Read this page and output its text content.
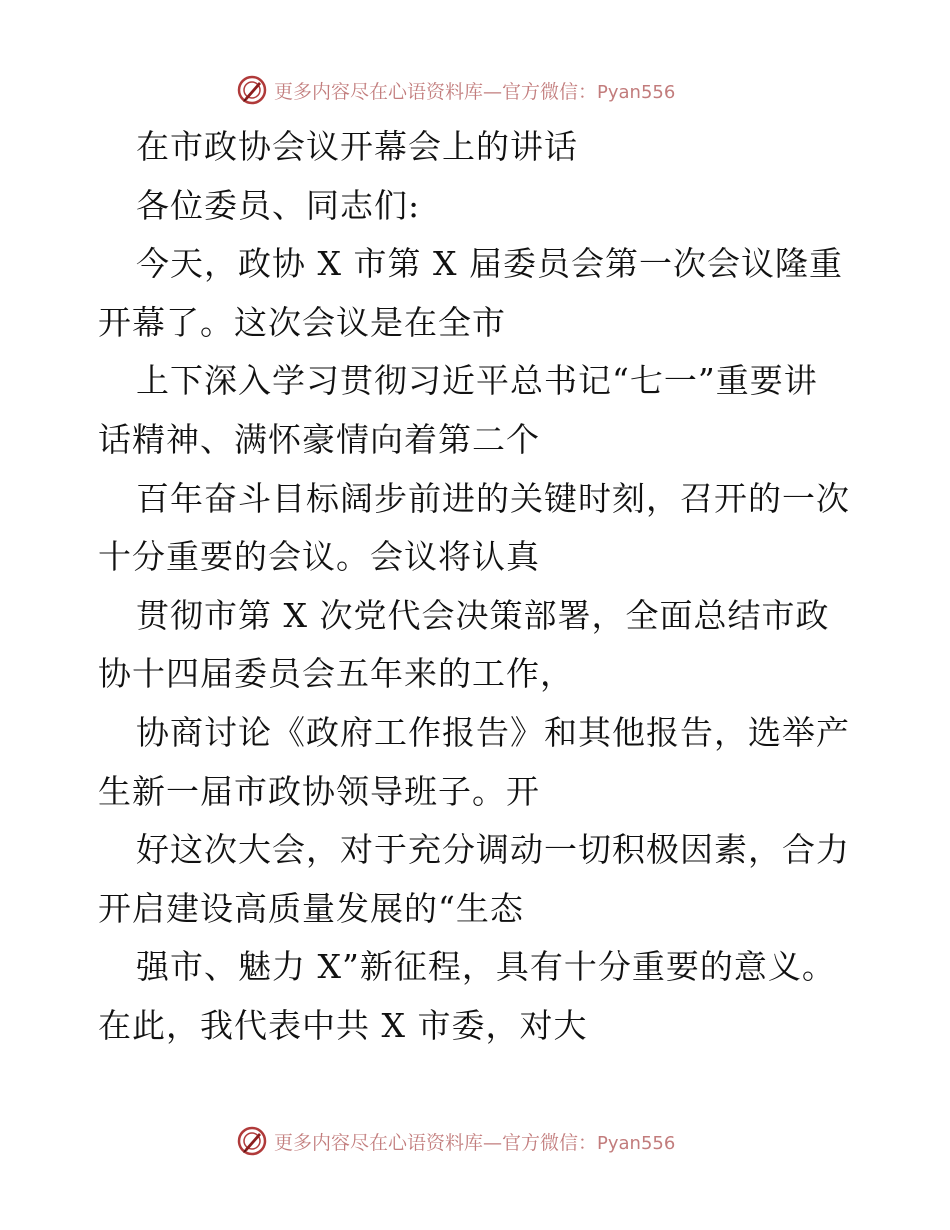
更多内容尽在心语资料库—官方微信：Pyan556
在市政协会议开幕会上的讲话
各位委员、同志们:
今天，政协 X 市第 X 届委员会第一次会议隆重
开幕了。这次会议是在全市
上下深入学习贯彻习近平总书记“七一”重要讲
话精神、满怀豪情向着第二个
百年奋斗目标阔步前进的关键时刻，召开的一次
十分重要的会议。会议将认真
贯彻市第 X 次党代会决策部署，全面总结市政
协十四届委员会五年来的工作，
协商讨论《政府工作报告》和其他报告，选举产
生新一届市政协领导班子。开
好这次大会，对于充分调动一切积极因素，合力
开启建设高质量发展的“生态
强市、魅力 X”新征程，具有十分重要的意义。
在此，我代表中共 X 市委，对大
更多内容尽在心语资料库—官方微信：Pyan556
